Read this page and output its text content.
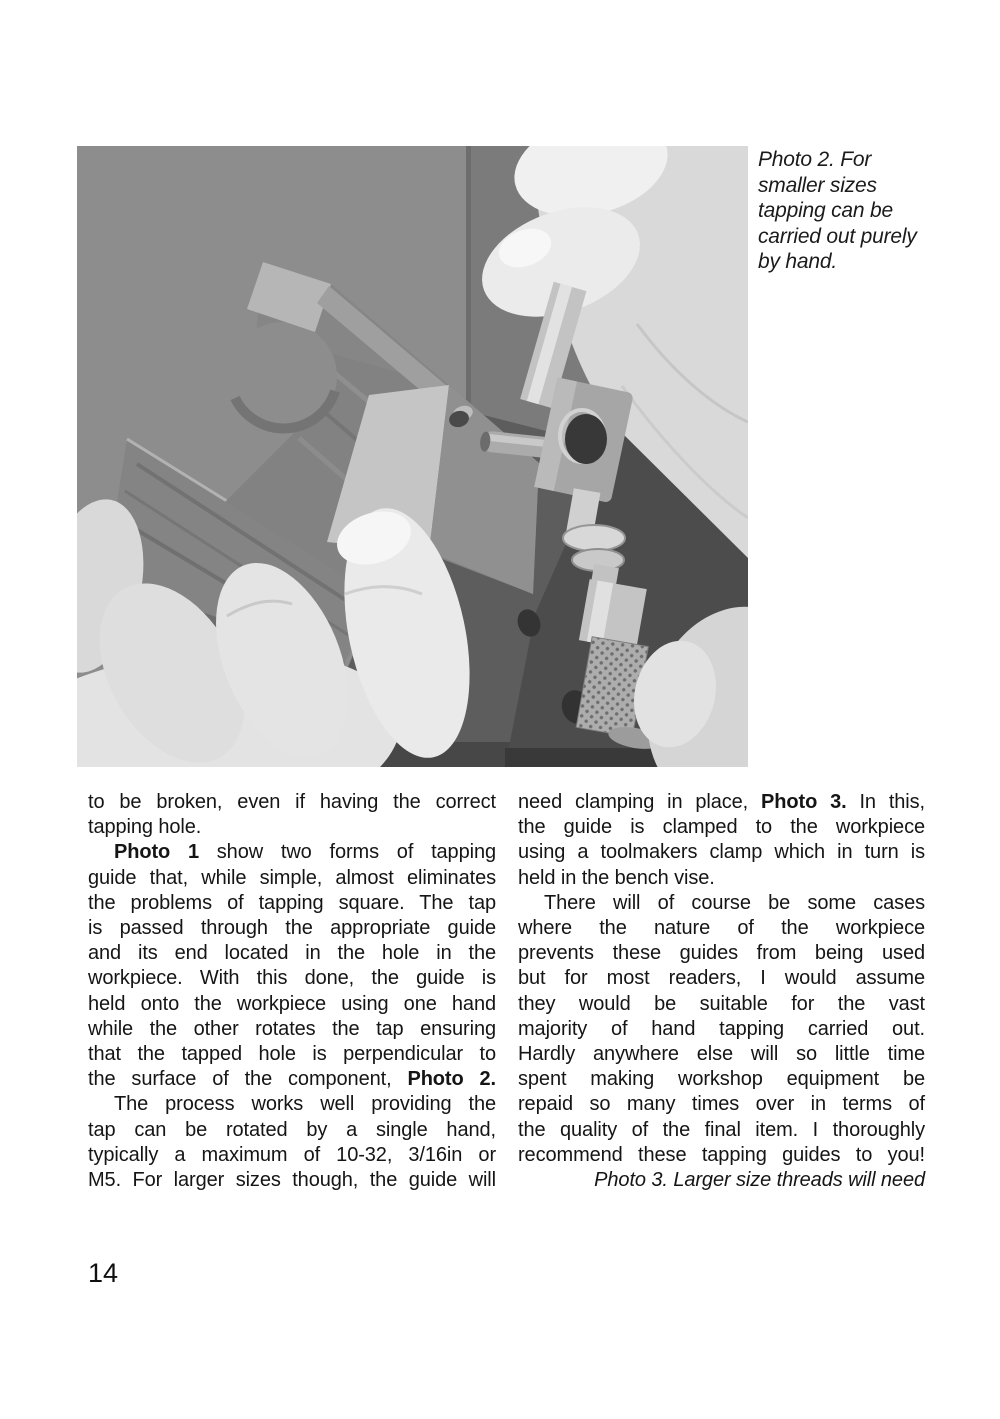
Photo 2. For
smaller sizes
tapping can be
carried out purely
by hand.
to be broken, even if having the correct
tapping hole.
Photo 1 show two forms of tapping
guide that, while simple, almost eliminates
the problems of tapping square. The tap
is passed through the appropriate guide
and its end located in the hole in the
workpiece. With this done, the guide is
held onto the workpiece using one hand
while the other rotates the tap ensuring
that the tapped hole is perpendicular to
the surface of the component, Photo 2.
The process works well providing the
tap can be rotated by a single hand,
typically a maximum of 10-32, 3/16in or
M5. For larger sizes though, the guide will
need clamping in place, Photo 3. In this,
the guide is clamped to the workpiece
using a toolmakers clamp which in turn is
held in the bench vise.
There will of course be some cases
where the nature of the workpiece
prevents these guides from being used
but for most readers, I would assume
they would be suitable for the vast
majority of hand tapping carried out.
Hardly anywhere else will so little time
spent making workshop equipment be
repaid so many times over in terms of
the quality of the final item. I thoroughly
recommend these tapping guides to you!
Photo 3. Larger size threads will need
14
